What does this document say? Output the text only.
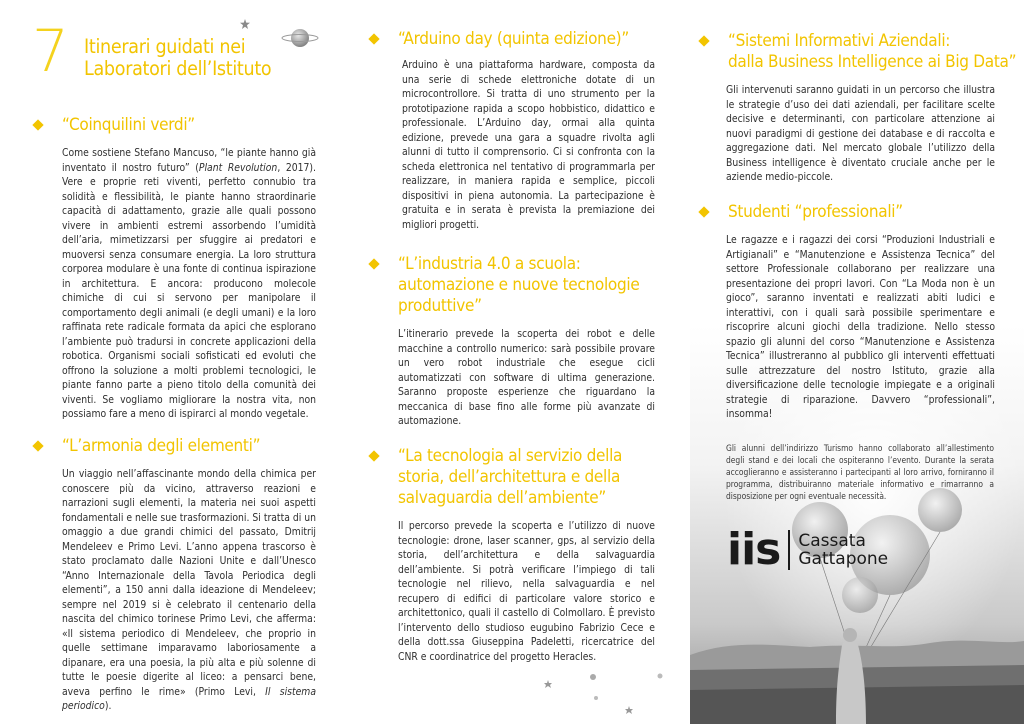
7 Itinerari guidati nei
Laboratori dell’Istituto
“Coinquilini verdi”

Come sostiene Stefano Mancuso, “le piante hanno già inventato il nostro futuro” (Plant Revolution, 2017). Vere e proprie reti viventi, perfetto connubio tra solidità e flessibilità, le piante hanno straordinarie capacità di adattamento, grazie alle quali possono vivere in ambienti estremi assorbendo l’umidità dell’aria, mimetizzarsi per sfuggire ai predatori e muoversi senza consumare energia. La loro struttura corporea modulare è una fonte di continua ispirazione in architettura. E ancora: producono molecole chimiche di cui si servono per manipolare il comportamento degli animali (e degli umani) e la loro raffinata rete radicale formata da apici che esplorano l’ambiente può tradursi in concrete applicazioni della robotica. Organismi sociali sofisticati ed evoluti che offrono la soluzione a molti problemi tecnologici, le piante fanno parte a pieno titolo della comunità dei viventi. Se vogliamo migliorare la nostra vita, non possiamo fare a meno di ispirarci al mondo vegetale.

“L’armonia degli elementi”

Un viaggio nell’affascinante mondo della chimica per conoscere più da vicino, attraverso reazioni e narrazioni sugli elementi, la materia nei suoi aspetti fondamentali e nelle sue trasformazioni. Si tratta di un omaggio a due grandi chimici del passato, Dmitrij Mendeleev e Primo Levi. L’anno appena trascorso è stato proclamato dalle Nazioni Unite e dall’Unesco “Anno Internazionale della Tavola Periodica degli elementi”, a 150 anni dalla ideazione di Mendeleev; sempre nel 2019 si è celebrato il centenario della nascita del chimico torinese Primo Levi, che afferma: «Il sistema periodico di Mendeleev, che proprio in quelle settimane imparavamo laboriosamente a dipanare, era una poesia, la più alta e più solenne di tutte le poesie digerite al liceo: a pensarci bene, aveva perfino le rime» (Primo Levi, Il sistema periodico).

“Arduino day (quinta edizione)”

Arduino è una piattaforma hardware, composta da una serie di schede elettroniche dotate di un microcontrollore. Si tratta di uno strumento per la prototipazione rapida a scopo hobbistico, didattico e professionale. L’Arduino day, ormai alla quinta edizione, prevede una gara a squadre rivolta agli alunni di tutto il comprensorio. Ci si confronta con la scheda elettronica nel tentativo di programmarla per realizzare, in maniera rapida e semplice, piccoli dispositivi in piena autonomia. La partecipazione è gratuita e in serata è prevista la premiazione dei migliori progetti.

“L’industria 4.0 a scuola:
automazione e nuove tecnologie
produttive”

L’itinerario prevede la scoperta dei robot e delle macchine a controllo numerico: sarà possibile provare un vero robot industriale che esegue cicli automatizzati con software di ultima generazione. Saranno proposte esperienze che riguardano la meccanica di base fino alle forme più avanzate di automazione.

“La tecnologia al servizio della
storia, dell’architettura e della
salvaguardia dell’ambiente”

Il percorso prevede la scoperta e l’utilizzo di nuove tecnologie: drone, laser scanner, gps, al servizio della storia, dell’architettura e della salvaguardia dell’ambiente. Si potrà verificare l’impiego di tali tecnologie nel rilievo, nella salvaguardia e nel recupero di edifici di particolare valore storico e architettonico, quali il castello di Colmollaro. È previsto l’intervento dello studioso eugubino Fabrizio Cece e della dott.ssa Giuseppina Padeletti, ricercatrice del CNR e coordinatrice del progetto Heracles.

“Sistemi Informativi Aziendali:
dalla Business Intelligence ai Big Data”

Gli intervenuti saranno guidati in un percorso che illustra le strategie d’uso dei dati aziendali, per facilitare scelte decisive e determinanti, con particolare attenzione ai nuovi paradigmi di gestione dei database e di raccolta e aggregazione dati. Nel mercato globale l’utilizzo della Business intelligence è diventato cruciale anche per le aziende medio-piccole.

Studenti “professionali”

Le ragazze e i ragazzi dei corsi “Produzioni Industriali e Artigianali” e “Manutenzione e Assistenza Tecnica” del settore Professionale collaborano per realizzare una presentazione dei propri lavori. Con “La Moda non è un gioco”, saranno inventati e realizzati abiti ludici e interattivi, con i quali sarà possibile sperimentare e riscoprire alcuni giochi della tradizione. Nello stesso spazio gli alunni del corso “Manutenzione e Assistenza Tecnica” illustreranno al pubblico gli interventi effettuati sulle attrezzature del nostro Istituto, grazie alla diversificazione delle tecnologie impiegate e a originali strategie di riparazione. Davvero “professionali”, insomma!

Gli alunni dell’indirizzo Turismo hanno collaborato all’allestimento degli stand e dei locali che ospiteranno l’evento. Durante la serata accoglieranno e assisteranno i partecipanti al loro arrivo, forniranno il programma, distribuiranno materiale informativo e rimarranno a disposizione per ogni eventuale necessità.

iis Cassata
Gattapone
